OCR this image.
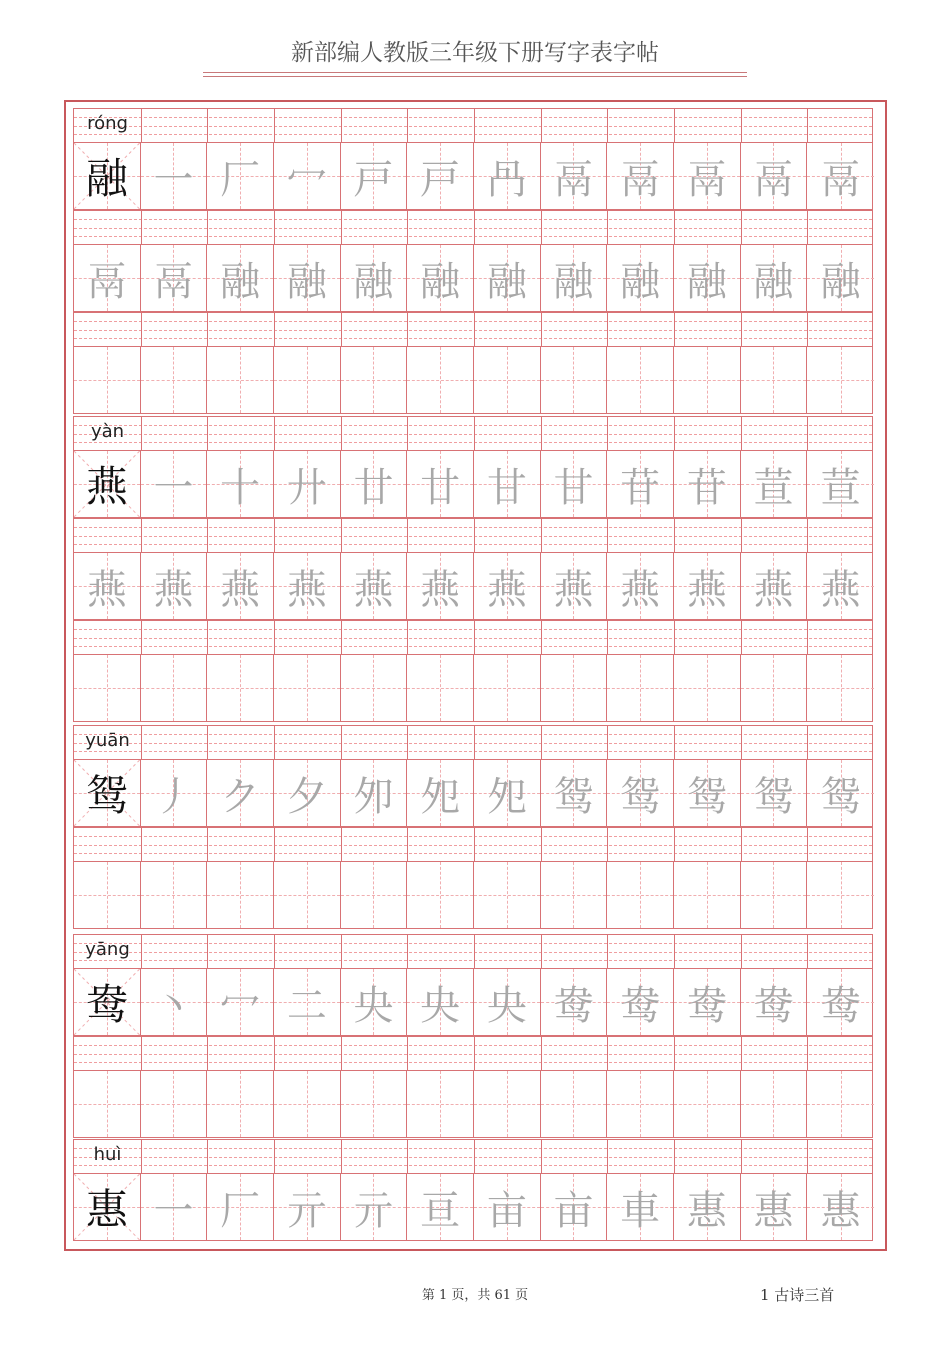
新部编人教版三年级下册写字表字帖
róng
融 一 厂 冖 戸 戸 冎 鬲 鬲 鬲 鬲 鬲
鬲 鬲 融 融 融 融 融 融 融 融 融 融
yàn
燕 一 十 廾 廿 廿 甘 甘 苷 苷 荁 荁
燕 燕 燕 燕 燕 燕 燕 燕 燕 燕 燕 燕
yuān
鸳 丿 ク 夕 夘 夗 夗 鸳 鸳 鸳 鸳 鸳
yāng
鸯 丶 冖 二 央 央 央 鸯 鸯 鸯 鸯 鸯
huì
惠 一 厂 亓 亓 亘 亩 亩 車 惠 惠 惠
第 1 页，共 61 页	1 古诗三首
